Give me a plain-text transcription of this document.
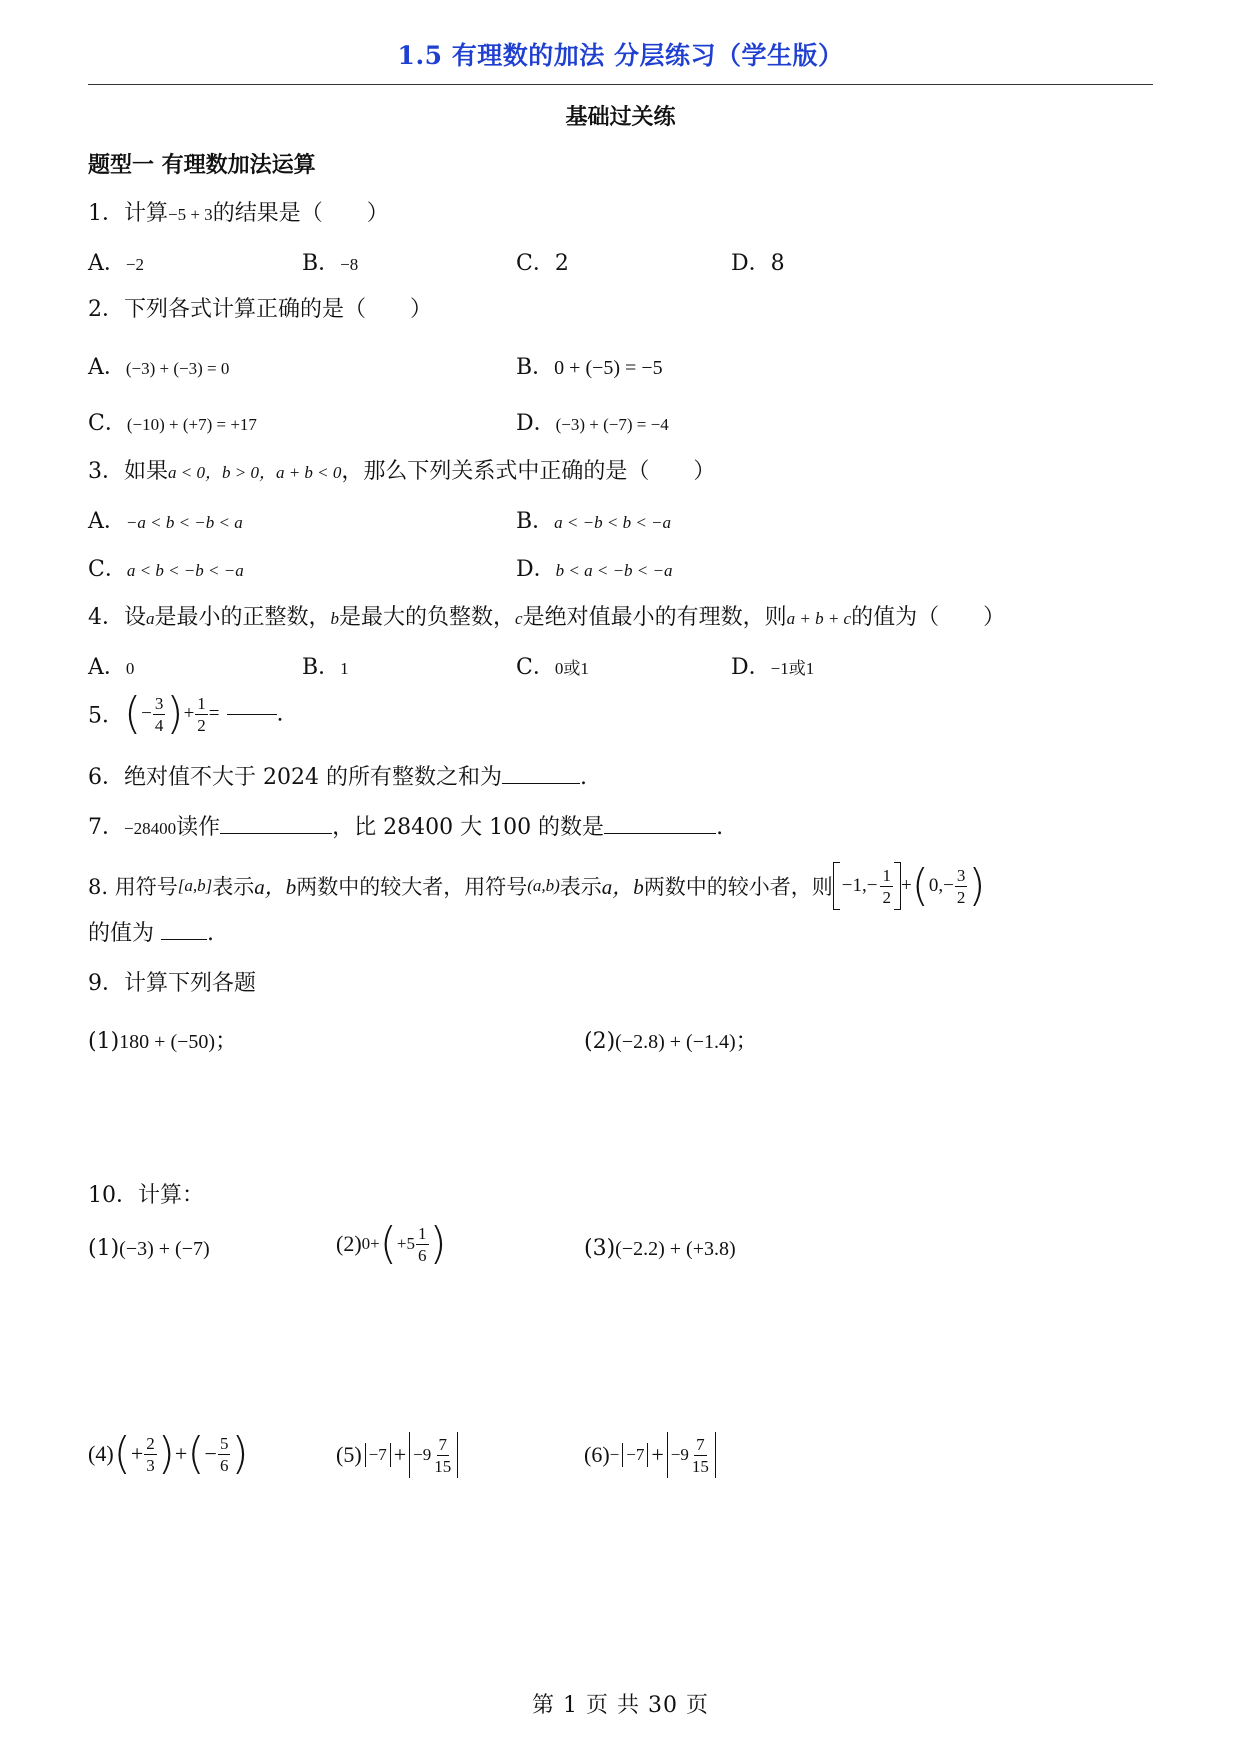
1.5 有理数的加法 分层练习（学生版）
基础过关练
题型一 有理数加法运算
1．计算−5 + 3的结果是（　　）
A．−2	B．−8	C．2	D．8
2．下列各式计算正确的是（　　）
A．(−3) + (−3) = 0	B．0 + (−5) = −5
C．(−10) + (+7) = +17	D．(−3) + (−7) = −4
3．如果a < 0，b > 0，a + b < 0，那么下列关系式中正确的是（　　）
A．−a < b < −b < a	B．a < −b < b < −a
C．a < b < −b < −a	D．b < a < −b < −a
4．设a是最小的正整数，b是最大的负整数，c是绝对值最小的有理数，则a + b + c的值为（　　）
A．0	B．1	C．0或1	D．−1或1
5． ( − $\frac{3}{4}$ ) + $\frac{1}{2}$ =	.
6．绝对值不大于 2024 的所有整数之和为	.
7．−28400读作	，比 28400 大 100 的数是	.
8. 用符号[a,b]表示a，b两数中的较大者，用符号(a,b)表示a，b两数中的较小者，则 $-1,- \frac{1}{2}$ + ( $0,- \frac{3}{2}$ )
的值为 .
9．计算下列各题
(1)180 + (−50)；	(2)(−2.8) + (−1.4)；
10．计算：
(1)(−3) + (−7)	(2) 0+ ( $+5 \frac{1}{6}$ )	(3)(−2.2) + (+3.8)
(4) ( + $\frac{2}{3}$ ) + ( − $\frac{5}{6}$ )	$(5) -7 + -9 \frac{7}{15}$	$(6) - -7 + -9 \frac{7}{15}$
第 1 页 共 30 页
